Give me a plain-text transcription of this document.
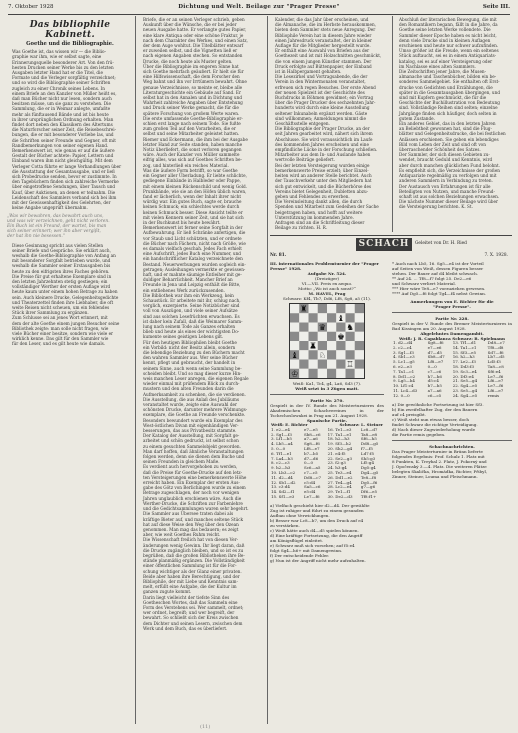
7. Oktober 1928	Dichtung und Welt. Beilage zur "Prager Presse"	Seite III.
Das bibliophile Kabinett.
Goethe und die Bibliographie.
Was Goethe ist, das wissen wir — die Biblio-
graphie war ihm, wie er selbst sagte, eine
Erinnerungsquelle besonderer Art. Von den frü-
hesten Drucken seiner Werke bis zu den letzten
Ausgaben letzter Hand hat er die Titel, die
Formate und die Verleger sorgfältig verzeichnet;
und so wird die Bibliographie seiner Schriften
zugleich zu einer Chronik seines Lebens. In
einem Briefe an den Kanzler von Müller heißt es,
daß man Bücher nicht nur lesen, sondern auch
besitzen müsse, um sie ganz zu verstehen. Die
Sammlung, die er in Weimar anlegte, umfaßte
mehr als fünftausend Bände und ist bis heute
in ihrer ursprünglichen Ordnung erhalten. Man
findet dort neben den Klassikern des Altertums
die Naturforscher seiner Zeit, die Reisebeschrei-
bungen, die er mit besonderer Vorliebe las, und
die Schriften seiner Freunde und Gegner, oft mit
Randbemerkungen von seiner eigenen Hand.
Bemerkenswert ist, wie genau er auf die äußere
Gestalt der Bücher achtete: Papier, Lettern und
Einband waren ihm nicht gleichgültig. Mit dem
Verleger Cotta führte er lange Verhandlungen über
die Ausstattung der Gesamtausgabe, und er ließ
sich Probedrucke senden, bevor er zustimmte. In
den Tagebüchern finden sich zahlreiche Vermerke
über eingetroffene Sendungen, über Tausch und
Kauf, über Auktionen, an denen er teilnahm. Die
Leidenschaft des Sammlers verband sich bei ihm
mit der Gewissenhaftigkeit des Gelehrten, der
keine Angabe ungeprüft übernahm.
„Was wir bewahren, das bewahrt auch uns,
und was wir verzeichnen, geht nicht verloren.
Ein Buch ist ein Freund, der wartet, bis man
sich seiner erinnert; wer ihn aber vergißt,
der hat ihn nie besessen."
Diese Gesinnung spricht aus vielen Stellen
seiner Briefe und Gespräche. Sie erklärt auch,
weshalb die Goethe-Bibliographie von Anfang an
mit besonderer Sorgfalt betrieben wurde, und
weshalb die Sammler seiner Erstausgaben bis
heute zu den eifrigsten ihres Faches gehören.
Die Preise für gut erhaltene Exemplare sind in
den letzten Jahrzehnten stetig gestiegen; ein
vollständiger Werther der ersten Auflage wird
heute kaum unter einem hohen Betrage zu haben
sein. Auch kleinere Drucke, Gelegenheitsgedichte
und Theaterzettel finden ihre Liebhaber, die oft
weite Reisen nicht scheuen, um ein fehlendes
Stück ihrer Sammlung zu ergänzen.
Zum Schlusse sei an jenes Wort erinnert, mit
dem der alte Goethe einem jungen Besucher seine
Bibliothek zeigte: man solle nicht fragen, wie
viele Bücher einer besitze, sondern wie viele er
wirklich kenne. Das gilt für den Sammler wie
für den Leser, und es gilt heute wie damals.
Briefe, die er an seinen Verleger schrieb, geben
Auskunft über die Wünsche, die er bei jeder
neuen Ausgabe hatte. Er verlangte gutes Papier,
eine klare Antiqua oder eine schöne Fraktur, je
nach dem Charakter des Werkes, und einen Satz,
der dem Auge wohltut. Die Titelblätter entwarf
er zuweilen selbst, und die Vignetten ließ er
nach eigenen Angaben stechen. So entstanden
Drucke, die noch heute als Muster gelten.
Über die Bibliographie im engeren Sinne hat
sich Goethe mehrfach geäußert. Er hielt sie für
eine Hilfswissenschaft, die dem Forscher den
Weg bahnt und ihn vor Irrtümern bewahrt. Ohne
genaue Verzeichnisse, so meinte er, bleibe alle
Literaturgeschichte ein Gebäude auf Sand. Er
selbst hat in den Annalen und in Dichtung und
Wahrheit zahlreiche Angaben über Entstehung
und Druck seiner Werke gemacht, die für die
spätere Forschung von großem Werte waren.
Die erste umfassende Goethe-Bibliographie er-
schien erst lange nach seinem Tode. Sie fußte
zum großen Teil auf den Vorarbeiten, die er
selbst und seine Mitarbeiter geleistet hatten.
Riemer und Eckermann, die ihm bei der Ausgabe
letzter Hand zur Seite standen, haben manche
Notiz überliefert, die sonst verloren gegangen
wäre. Auch der Kanzler von Müller sammelte
eifrig alles, was sich auf Goethes Schriften be-
zog, und hinterließ ein reiches Material.
Was die äußere Form betrifft, so war Goethe
ein Gegner aller Überladung. Er liebte schlichte,
gediegene Einbände in Halbleder oder Pappe,
mit einem kleinen Rückenschild und wenig Gold.
Prunkbände, wie sie an den Höfen üblich waren,
fand er lächerlich, wenn der Inhalt ihrer nicht
würdig war. Ein gutes Buch, sagte er, brauche
keinen Schmuck; ein schlechtes werde durch
keinen Schmuck besser. Diese Ansicht teilte er
mit vielen Kennern seiner Zeit, und sie hat sich
in der Buchkunst bis heute bewährt.
Bemerkenswert ist ferner seine Sorgfalt in der
Aufbewahrung. Er ließ Schränke anfertigen, die
vor Staub und Licht schützten, und er ordnete
die Bücher nach Fächern, nicht nach Größe, wie
es damals vielfach geschah. Jedes Fach erhielt
eine Aufschrift, jedes Buch eine Nummer, und
ein handschriftlicher Katalog verzeichnete den
Bestand. Neuerwerbungen wurden sogleich ein-
getragen; Ausleihungen vermerkte er gewissen-
haft, und er mahnte säumige Entleiher mit ge-
duldiger Beharrlichkeit. Mancher Brief an
Freunde in Jena und Leipzig enthält die Bitte,
ein entliehenes Werk zurückzusenden.
Die Bibliothek war ihm ein Werkzeug, kein
Schaustück. Er arbeitete mit ihr, schlug nach,
verglich, exzerpierte. Seine Notizbücher sind
voll von Auszügen, und viele seiner Aufsätze
sind aus solchen Lesefrüchten erwachsen. Es
ist daher kein Zufall, daß die Weimarer Samm-
lung nach seinem Tode als Ganzes erhalten
blieb und heute als eines der wichtigsten Do-
kumente seines geistigen Lebens gilt.
Für den heutigen Bibliophilen bleibt Goethe
ein Vorbild: nicht der Besitz allein, sondern
die lebendige Beziehung zu den Büchern macht
den wahren Sammler aus. Wer seine Bücher
kennt, pflegt und gebraucht, der handelt in
seinem Sinne, auch wenn seine Sammlung be-
scheiden bleibt. Und so mag dieser kurze Hin-
weis manchen Leser anregen, die eigenen Regale
wieder einmal mit prüfendem Blick zu durch-
mustern und den alten Freunden darin die
Aufmerksamkeit zu schenken, die sie verdienen.
Die Ausstellung, die aus Anlaß des Jubiläums
veranstaltet wurde, zeigte eine Auswahl der
schönsten Drucke, darunter mehrere Widmungs-
exemplare, die Goethe an Freunde verschenkte.
Besonders bewundert wurde ein Exemplar des
West-östlichen Divan mit eigenhändigen Ver-
besserungen, das aus Privatbesitz stammte.
Der Katalog der Ausstellung, mit Sorgfalt ge-
arbeitet und schön gedruckt, ist selbst schon
zu einem gesuchten Sammelobjekt geworden.
Man darf hoffen, daß ähnliche Veranstaltungen
folgen werden, denn sie dienen dem Buche und
seinen Freunden in gleichem Maße.
Es verdient auch hervorgehoben zu werden,
daß die Preise für Goethe-Drucke auf den letz-
ten Versteigerungen eine bemerkenswerte Höhe
erreicht haben. Ein Exemplar der ersten Aus-
gabe des Götz von Berlichingen wurde zu einem
Betrage zugeschlagen, der noch vor wenigen
Jahren unglaublich erschienen wäre. Auch die
Werther-Drucke, die Schriften zur Farbenlehre
und die Gedichtsammlungen waren sehr begehrt.
Die Sammler aus Übersee traten dabei als
kräftige Bieter auf, und manches seltene Stück
hat auf diese Weise den Weg über den Ozean
genommen. Man mag das bedauern; es zeigt
aber, wie weit Goethes Ruhm reicht.
Die Wissenschaft freilich hat von diesen Ver-
änderungen wenig Gewinn. Ihr liegt daran, daß
die Drucke zugänglich bleiben, und so ist es zu
begrüßen, daß die großen Bibliotheken ihre Be-
stände planmäßig ergänzen. Die Vollständigkeit
einer öffentlichen Sammlung ist für die For-
schung wichtiger als der Glanz einer privaten.
Beide aber haben ihre Berechtigung, und der
Bibliophile, der mit Liebe und Kenntnis sam-
melt, erfüllt eine Aufgabe, die der Kultur im
ganzen zugute kommt.
Darin liegt vielleicht der tiefste Sinn des
Goetheschen Wortes, daß das Sammeln eine
Form des Verstehens sei. Wer sammelt, ordnet;
wer ordnet, begreift; und wer begreift, der
bewahrt. So schließt sich der Kreis zwischen
dem Dichter und seinen Lesern, zwischen dem
Werk und dem Buch, das es überliefert.
Kalender, die das Jahr über erscheinen, und
die Almanache, die im Herbste herauskommen,
bieten dem Sammler stets neue Anregung. Der
Bibliophile Verein hat in diesem Jahre wieder
einen Jahresdruck veranstaltet, der in kleiner
Auflage für die Mitglieder hergestellt wurde.
Er enthält eine Auswahl von Briefen aus der
Goethezeit und ist mit Holzschnitten geschmückt,
die von einem jungen Künstler stammen. Der
Druck erfolgte auf Büttenpapier, der Einband
ist in Halbpergament gehalten.
Die Lesezirkel und Vortragsabende, die der
Verein in den Wintermonaten veranstaltet,
erfreuen sich regen Besuches. Der erste Abend
der neuen Spielzeit ist der Geschichte des
Buchdrucks in Böhmen gewidmet; ein Vortrag
über die Prager Drucker des sechzehnten Jahr-
hunderts wird durch eine kleine Ausstellung
seltener Inkunabeln ergänzt werden. Gäste
sind willkommen; Anmeldungen nimmt die
Geschäftsstelle entgegen.
Die Bibliographie der Prager Drucke, an der
seit Jahren gearbeitet wird, nähert sich ihrem
Abschlusse. Sie wird voraussichtlich im Laufe
des kommenden Jahres erscheinen und eine
empfindliche Lücke in der Forschung schließen.
Mitarbeiter aus dem In- und Auslande haben
wertvolle Beiträge geliefert.
Bei der letzten Versteigerung wurden einige
bemerkenswerte Preise erzielt; über Einzel-
heiten wird an anderer Stelle berichtet. Auch
der Tauschverkehr unter den Mitgliedern hat
sich gut entwickelt, und die Bücherbörse des
Vereins bietet Gelegenheit, Dubletten abzu-
geben und Fehlendes zu erwerben.
Die Vereinsleitung dankt allen, die durch
Spenden und Mitarbeit zum Gedeihen der Sache
beigetragen haben, und hofft auf weitere
Unterstützung im kommenden Jahre.
Anfragen sind an die Schriftleitung dieser
Beilage zu richten. H. R.
Abschluß der literarischen Bewegung, die mit
den Romantikern begann, fällt in die Jahre, da
Goethe seine letzten Werke vollendete. Die
Sammler dieser Epoche haben es nicht leicht,
denn viele Drucke sind in kleinen Auflagen
erschienen und heute nur schwer aufzufinden.
Umso größer ist die Freude, wenn ein seltenes
Stück auftaucht, sei es in einem Antiquariats-
katalog, sei es auf einer Versteigerung oder
im Nachlasse eines alten Sammlers.
Die Zeitschriften jener Jahre, die Musen-
almanache und Taschenbücher, bilden ein be-
sonderes Sammelgebiet. Sie enthalten oft Erst-
drucke von Gedichten und Erzählungen, die
später in die Gesamtausgaben übergingen, und
sind mit Kupfern geschmückt, die für die
Geschichte der Buchillustration von Bedeutung
sind. Vollständige Reihen sind selten; einzelne
Jahrgänge finden sich häufiger, doch selten in
gutem Zustande.
Ein anderes Gebiet, das in den letzten Jahren
an Beliebtheit gewonnen hat, sind die Flug-
blätter und Gelegenheitsdrucke, die bei festlichen
Anlässen erschienen. Sie geben ein lebendiges
Bild vom Leben der Zeit und sind oft von
überraschender Schönheit des Satzes.
Der Sammler, der sich diesen Gebieten zu-
wendet, braucht Geduld und Kenntnis, wird
aber durch manchen glücklichen Fund belohnt.
Es empfiehlt sich, die Verzeichnisse der großen
Antiquariate regelmäßig zu verfolgen und mit
anderen Sammlern in Verbindung zu treten.
Der Austausch von Erfahrungen ist für alle
Beteiligten von Nutzen, und manche Freund-
schaft ist aus solchen Beziehungen erwachsen.
Die nächste Nummer dieser Beilage wird über
die Versteigerung berichten. K. St.
SCHACH	Geleitet von Dr. H. Ried
Nr. 81.	7. X. 1928.
III. internationales Problemturnier der "Prager Presse" 1928.
Aufgabe Nr. 524.
(Dreizüger)
VI.—VII. Preis ex aequo.
Motto: „Wo ist auch sonst?“
M. HAVEL, Prag
Schwarz: Kf4, Tb7, Dd6, Lf8, Sg8, a5 (11).
Weiß: Ka1, Tc4, g4, La6, Sd3 (7).
Weiß setzt in 3 Zügen matt.
Partie Nr. 270.
Gespielt in der IV. Runde des Meisterturnieres des Akademischen Schachvereines in der Tschechoslowakei in Prag am 21. August 1928.
Spanische Partie.
Weiß: E. Richter	Schwarz: L. Steiner
1. e2—e4	e7—e5	16. Te1—e3	Lc8—d7
2. Sg1—f3	Sb8—c6	17. Ta1—e1	Ta8—e8
3. Lf1—b5	a7—a6	18. h2—h3	Sf6—h5
4. Lb5—a4	Sg8—f6	19. Sf3—h2	Dd8—g5
5. 0—0	Lf8—e7	20. Sh2—g4	f7—f5
6. Tf1—e1	b7—b5	21. e4:f5	Ld7:f5
7. La4—b3	d7—d6	22. Se2—g3	Sh5:g3
8. c2—c3	0—0	23. f2:g3	Lf5:g4
9. h2—h3	Sc6—a5	24. h3:g4	Dg5:g4
10. Lb3—c2	c7—c5	25. Te3—e4	Dg4—g5
11. d2—d4	Dd8—c7	26. Dd1—e2	Te8—f8
12. Sb1—d2	c5:d4	27. Te4—g4	Dg5—f6
13. c3:d4	Sa5—c6	28. Lc2—e4	g7—g6
14. Sd2—f1	e5:d4	29. Te1—f1	Df6—e5
15. Sf1—e3	Le7—f6	30. De2—d3	Tf8:f1+
a) Vielfach geschieht hier d2—d4. Der gewählte
Zug ist ruhiger und führt zu einem gesunden
Aufbau ohne Verwicklungen.
b) Besser war Lc8—b7, um den Druck auf e4
zu verstärken.
c) Weiß hätte auch d4—d5 spielen können.
d) Eine kräftige Fortsetzung, die den Angriff
am Königsflügel einleitet.
e) Schwarz muß sich vorsehen; auf f5:e4
folgt Sg4—h6+ mit Damengewinn.
f) Der entscheidende Fehler.
g) Nun ist der Angriff nicht mehr aufzuhalten.
* Auch nach Lb5, 16. Sg5—e4 ist der Vorteil
auf Seiten von Weiß, dessen Figuren besser
stehen. Der Bauer auf d4 bleibt schwach.
** Auf 24. ... Tf8—f7 folgt 25. De2—e6
und Schwarz verliert Material.
*** Hier wäre Te8—e7 vorzuziehen gewesen.
**** Auf Dg5—f6 folgt Tg4—f4 nebst Gewinn.
Anmerkungen von E. Richter für die
"Prager Presse".
Partie Nr. 228.
Gespielt in der V. Runde des Bremer Meisterturnieres in Bad Kissingen am 20. August 1928.
Abgelehntes Damengambit.
Weiß: J. R. Capablanca Schwarz: R. Spielmann
1. d2—d4	Sg8—f6	13. Tf1—d1	Dd8—c7
2. c2—c4	e7—e6	14. Ta1—c1	Tf8—d8
3. Sg1—f3	d7—d5	15. Sf3—e5	Sd7—f6
4. Sb1—c3	Sb8—d7	16. h2—h3	Lb7—d5
5. Lc1—g5	Lf8—e7	17. Le2—f3	Ld5:f3
6. e2—e3	0—0	18. Dd3:f3	Ta8—c8
7. Ta1—c1	c7—c6	19. Sc3—e4	Sf6:e4
8. Dd1—c2	h7—h6	20. Df3:e4	Le7—f6
9. Lg5—h4	d5:c4	21. Se5—g4	Lf6—e7
10. Lf1:c4	b7—b5	22. Sg4—e5	Le7—f6
11. Lc4—d3	a7—a6	23. Se5—g4	Lf6—e7
12. 0—0	c6—c5	24. Sg4—e5	remis
a) Die gewöhnliche Fortsetzung ist hier Sf3.
b) Ein zweifelhafter Zug, der den Bauern
auf c4 preisgibt.
c) Weiß steht nun etwas besser, doch
findet Schwarz die richtige Verteidigung.
d) Nach dieser Zugwiederholung wurde
die Partie remis gegeben.
Schachnachrichten.
Das Prager Meisterturnier in Brünn lieferte
folgendes Ergebnis: Prof. Schulz 1. Platz mit
8 Punkten, K. Treybal 2. Platz, J. Pokorný und
J. Opočenský 3.—4. Platz. Die weiteren Plätze
belegten Skalička, Hromádka, Richter, Přibyl,
Zinner, Steiner, Louma und Fleischmann.
(11)
